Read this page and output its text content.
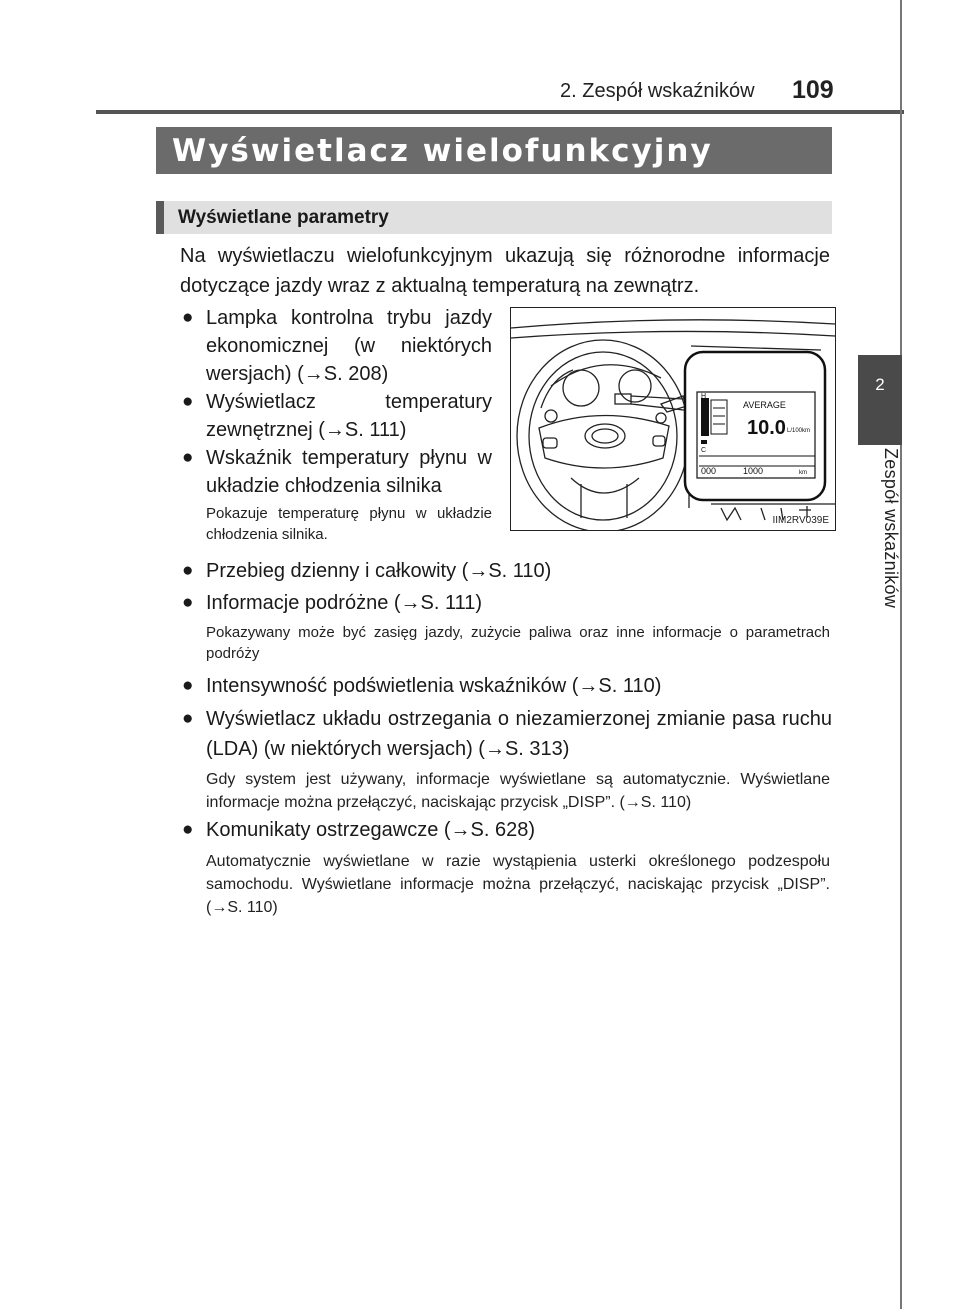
2. Zespół wskaźników 109
2
Zespół wskaźników
Wyświetlacz wielofunkcyjny
Wyświetlane parametry
Na wyświetlaczu wielofunkcyjnym ukazują się różnorodne informacje dotyczące jazdy wraz z aktualną temperaturą na zewnątrz.
● Lampka kontrolna trybu jazdy ekonomicznej (w niektórych wersjach) (→S. 208)
● Wyświetlacz temperatury zewnętrznej (→S. 111)
● Wskaźnik temperatury płynu w układzie chłodzenia silnika
Pokazuje temperaturę płynu w układzie chłodzenia silnika.
H
C
AVERAGE
10.0 L/100km
000	1000	km
IIM2RV039E
● Przebieg dzienny i całkowity (→S. 110)
● Informacje podróżne (→S. 111)
Pokazywany może być zasięg jazdy, zużycie paliwa oraz inne informacje o parametrach podróży
● Intensywność podświetlenia wskaźników (→S. 110)
● Wyświetlacz układu ostrzegania o niezamierzonej zmianie pasa ruchu (LDA) (w niektórych wersjach) (→S. 313)
Gdy system jest używany, informacje wyświetlane są automatycznie. Wyświetlane informacje można przełączyć, naciskając przycisk „DISP”. (→S. 110)
● Komunikaty ostrzegawcze (→S. 628)
Automatycznie wyświetlane w razie wystąpienia usterki określonego podzespołu samochodu. Wyświetlane informacje można przełączyć, naciskając przycisk „DISP”. (→S. 110)
